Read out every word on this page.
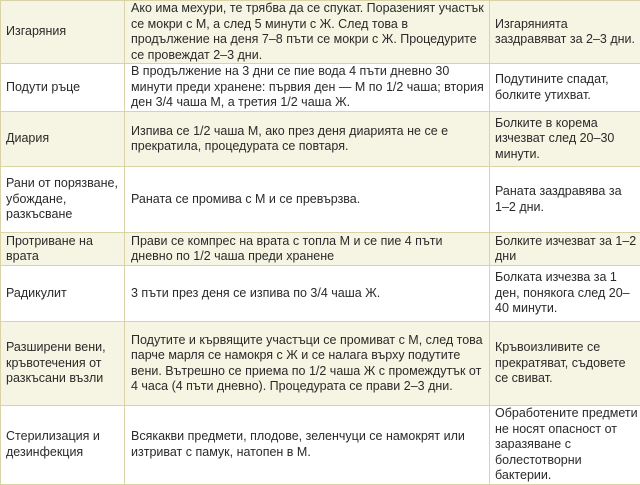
Изгаряния	Ако има мехури, те трябва да се спукат. Поразеният участък се мокри с М, а след 5 минути с Ж. След това в продължение на деня 7–8 пъти се мокри с Ж. Процедурите се провеждат 2–3 дни.	Изгарянията заздравяват за 2–3 дни.

Подути ръце	В продължение на 3 дни се пие вода 4 пъти дневно 30 минути преди хранене: първия ден — М по 1/2 чаша; втория ден 3/4 чаша М, а третия 1/2 чаша Ж.	Подутините спадат, болките утихват.

Диария	Изпива се 1/2 чаша М, ако през деня диарията не се е прекратила, процедурата се повтаря.	Болките в корема изчезват след 20–30 минути.

Рани от порязване, убождане, разкъсване	Раната се промива с М и се превързва.	Раната заздравява за 1–2 дни.

Протриване на врата	Прави се компрес на врата с топла М и се пие 4 пъти дневно по 1/2 чаша преди хранене	Болките изчезват за 1–2 дни

Радикулит	3 пъти през деня се изпива по 3/4 чаша Ж.	Болката изчезва за 1 ден, понякога след 20–40 минути.

Разширени вени, кръвотечения от разкъсани възли	Подутите и кървящите участъци се промиват с М, след това парче марля се намокря с Ж и се налага върху подутите вени. Вътрешно се приема по 1/2 чаша Ж с промеждутък от 4 часа (4 пъти дневно). Процедурата се прави 2–3 дни.	Кръвоизливите се прекратяват, съдовете се свиват.

Стерилизация и дезинфекция	Всякакви предмети, плодове, зеленчуци се намокрят или изтриват с памук, натопен в М.	Обработените предмети не носят опасност от заразяване с болестотворни бактерии.
